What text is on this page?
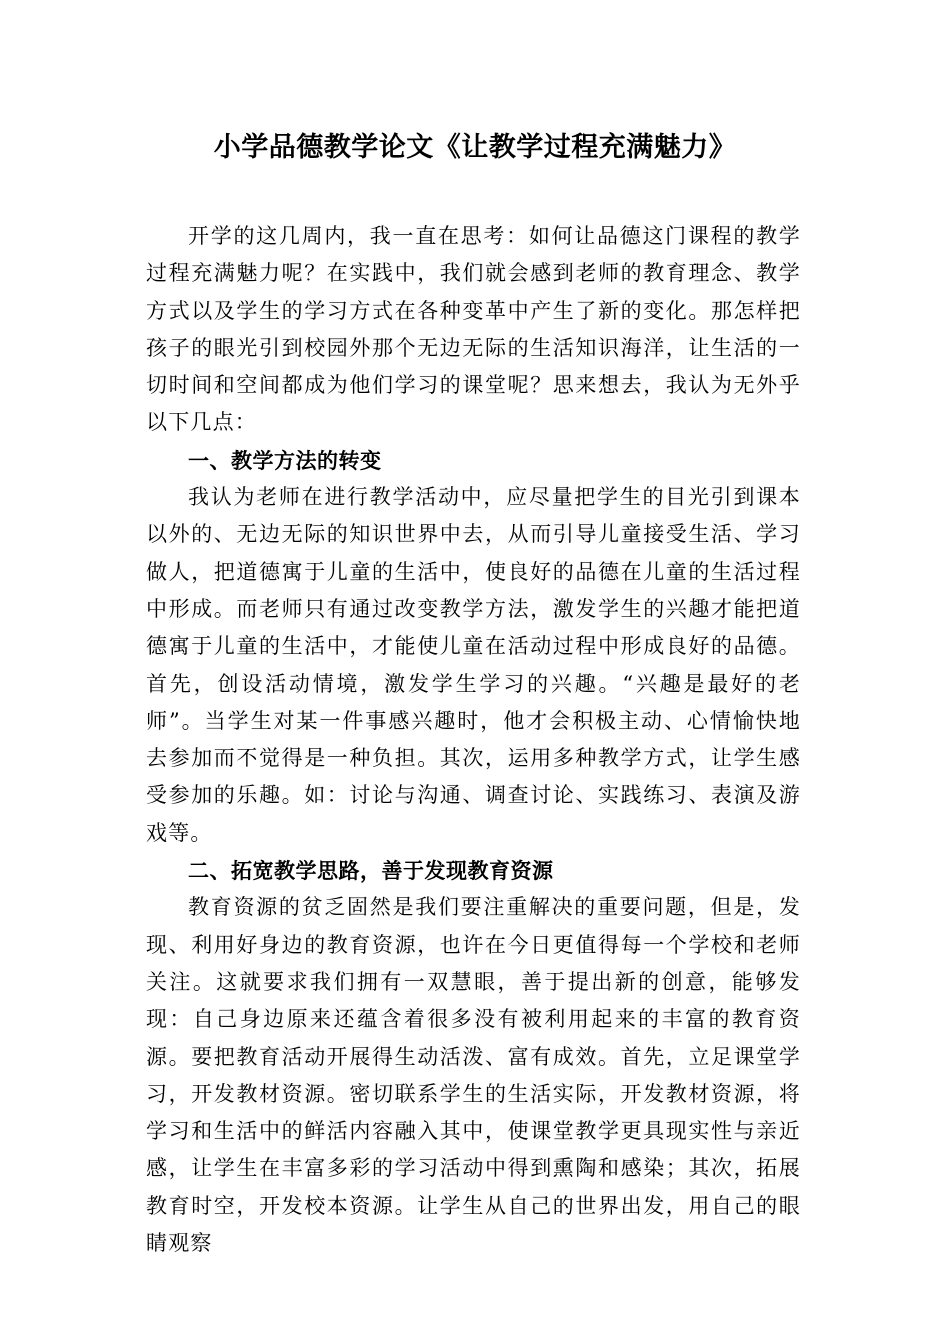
小学品德教学论文《让教学过程充满魅力》

开学的这几周内，我一直在思考：如何让品德这门课程的教学过程充满魅力呢？在实践中，我们就会感到老师的教育理念、教学方式以及学生的学习方式在各种变革中产生了新的变化。那怎样把孩子的眼光引到校园外那个无边无际的生活知识海洋，让生活的一切时间和空间都成为他们学习的课堂呢？思来想去，我认为无外乎以下几点：

一、教学方法的转变

我认为老师在进行教学活动中，应尽量把学生的目光引到课本以外的、无边无际的知识世界中去，从而引导儿童接受生活、学习做人，把道德寓于儿童的生活中，使良好的品德在儿童的生活过程中形成。而老师只有通过改变教学方法，激发学生的兴趣才能把道德寓于儿童的生活中，才能使儿童在活动过程中形成良好的品德。首先，创设活动情境，激发学生学习的兴趣。“兴趣是最好的老师”。当学生对某一件事感兴趣时，他才会积极主动、心情愉快地去参加而不觉得是一种负担。其次，运用多种教学方式，让学生感受参加的乐趣。如：讨论与沟通、调查讨论、实践练习、表演及游戏等。

二、拓宽教学思路，善于发现教育资源

教育资源的贫乏固然是我们要注重解决的重要问题，但是，发现、利用好身边的教育资源，也许在今日更值得每一个学校和老师关注。这就要求我们拥有一双慧眼，善于提出新的创意，能够发现：自己身边原来还蕴含着很多没有被利用起来的丰富的教育资源。要把教育活动开展得生动活泼、富有成效。首先，立足课堂学习，开发教材资源。密切联系学生的生活实际，开发教材资源，将学习和生活中的鲜活内容融入其中，使课堂教学更具现实性与亲近感，让学生在丰富多彩的学习活动中得到熏陶和感染；其次，拓展教育时空，开发校本资源。让学生从自己的世界出发，用自己的眼睛观察
